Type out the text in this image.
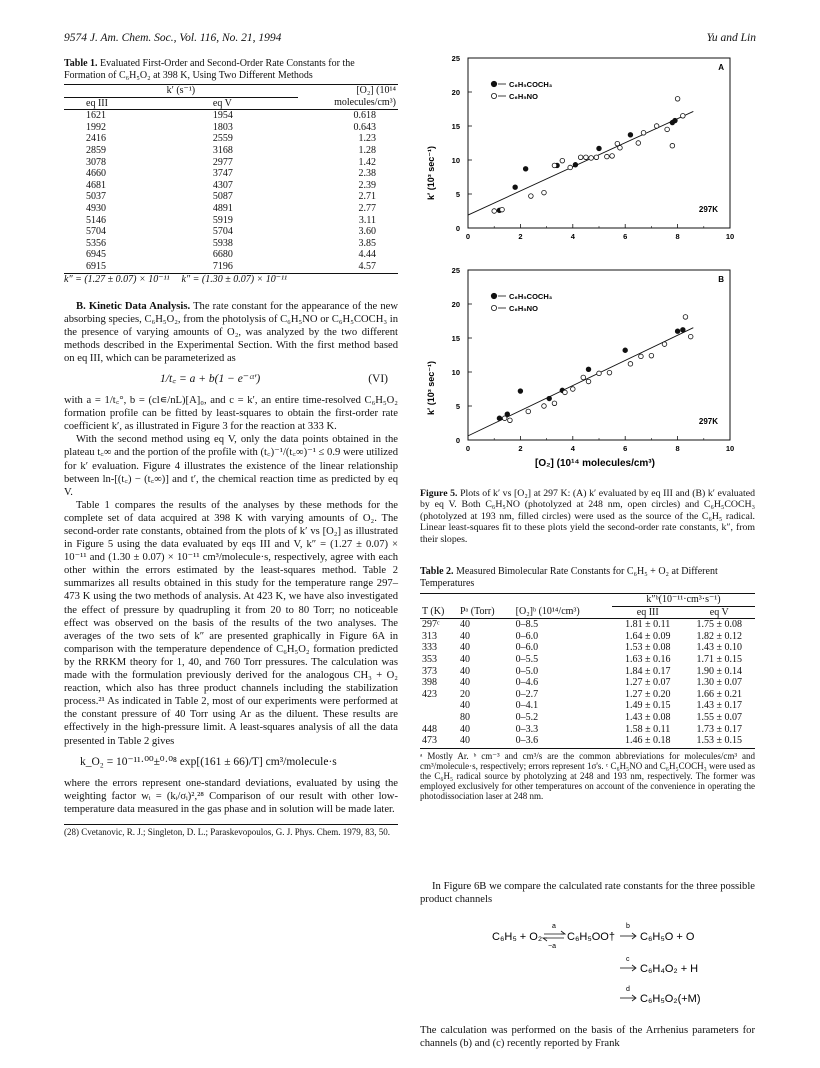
9574 J. Am. Chem. Soc., Vol. 116, No. 21, 1994	Yu and Lin
Table 1. Evaluated First-Order and Second-Order Rate Constants for the Formation of C₆H₅O₂ at 398 K, Using Two Different Methods
k′ (s⁻¹)		[O₂] (10¹⁴
eq III	eq V	molecules/cm³)
1621	1954	0.618
1992	1803	0.643
2416	2559	1.23
2859	3168	1.28
3078	2977	1.42
4660	3747	2.38
4681	4307	2.39
5037	5087	2.71
4930	4891	2.77
5146	5919	3.11
5704	5704	3.60
5356	5938	3.85
6945	6680	4.44
6915	7196	4.57
k″ = (1.27 ± 0.07) × 10⁻¹¹ k″ = (1.30 ± 0.07) × 10⁻¹¹

B. Kinetic Data Analysis. The rate constant for the appearance of the new absorbing species, C₆H₅O₂, from the photolysis of C₆H₅NO or C₆H₅COCH₃ in the presence of varying amounts of O₂, was analyzed by the two different methods described in the Experimental Section. With the first method based on eq III, which can be parameterized as

1/t꜀ = a + b(1 − e⁻ᶜᵗ′)	(VI)

with a = 1/t꜀°, b = (cl∊/nL)[A]₀, and c = k′, an entire time-resolved C₆H₅O₂ formation profile can be fitted by least-squares to obtain the first-order rate coefficient k′, as illustrated in Figure 3 for the reaction at 333 K.

With the second method using eq V, only the data points obtained in the plateau t꜀∞ and the portion of the profile with (t꜀)⁻¹/(t꜀∞)⁻¹ ≤ 0.9 were utilized for k′ evaluation. Figure 4 illustrates the existence of the linear relationship between ln-[(t꜀) − (t꜀∞)] and t′, the chemical reaction time as predicted by eq V.

Table 1 compares the results of the analyses by these methods for the complete set of data acquired at 398 K with varying amounts of O₂. The second-order rate constants, obtained from the plots of k′ vs [O₂] as illustrated in Figure 5 using the data evaluated by eqs III and V, k″ = (1.27 ± 0.07) × 10⁻¹¹ and (1.30 ± 0.07) × 10⁻¹¹ cm³/molecule·s, respectively, agree with each other within the errors estimated by the least-squares method. Table 2 summarizes all results obtained in this study for the temperature range 297–473 K using the two methods of analysis. At 423 K, we have also investigated the effect of pressure by quadrupling it from 20 to 80 Torr; no noticeable effect was observed on the basis of the results of the two analyses. The averages of the two sets of k″ are presented graphically in Figure 6A in comparison with the temperature dependence of C₆H₅O₂ formation predicted by the RRKM theory for 1, 40, and 760 Torr pressures. The calculation was made with the formulation previously derived for the analogous CH₃ + O₂ reaction, which also has three product channels including the stabilization process.²¹ As indicated in Table 2, most of our experiments were performed at the constant pressure of 40 Torr using Ar as the diluent. These results are effectively in the high-pressure limit. A least-squares analysis of all the data presented in Table 2 gives

k_O₂ = 10⁻¹¹·⁰⁰±⁰·⁰⁸ exp[(161 ± 66)/T] cm³/molecule·s

where the errors represent one-standard deviations, evaluated by using the weighting factor wᵢ = (kᵢ/σᵢ)²,²⁸ Comparison of our result with other low-temperature data measured in the gas phase and in solution will be made later.

(28) Cvetanovic, R. J.; Singleton, D. L.; Paraskevopoulos, G. J. Phys. Chem. 1979, 83, 50.
0
5
10
15
20
25
0	2	4	6	8	10
C₆H₅COCH₃
C₆H₅NO
A
297K
0
5
10
15
20
25
0	2	4	6	8	10
C₆H₅COCH₃
C₆H₅NO
B
297K
k′ (10³ sec⁻¹)
k′ (10³ sec⁻¹)
[O₂] (10¹⁴ molecules/cm³)
Figure 5. Plots of k′ vs [O₂] at 297 K: (A) k′ evaluated by eq III and (B) k′ evaluated by eq V. Both C₆H₅NO (photolyzed at 248 nm, open circles) and C₆H₅COCH₃ (photolyzed at 193 nm, filled circles) were used as the source of the C₆H₅ radical. Linear least-squares fit to these plots yield the second-order rate constants, k″, from their slopes.
Table 2. Measured Bimolecular Rate Constants for C₆H₅ + O₂ at Different Temperatures
			k″ᵇ(10⁻¹¹·cm³·s⁻¹)	
T (K)	Pᵃ (Torr)	[O₂]ᵇ (10¹⁴/cm³)	eq III	eq V
297ᶜ	40	0–8.5	1.81 ± 0.11	1.75 ± 0.08
313	40	0–6.0	1.64 ± 0.09	1.82 ± 0.12
333	40	0–6.0	1.53 ± 0.08	1.43 ± 0.10
353	40	0–5.5	1.63 ± 0.16	1.71 ± 0.15
373	40	0–5.0	1.84 ± 0.17	1.90 ± 0.14
398	40	0–4.6	1.27 ± 0.07	1.30 ± 0.07
423	20	0–2.7	1.27 ± 0.20	1.66 ± 0.21
	40	0–4.1	1.49 ± 0.15	1.43 ± 0.17
	80	0–5.2	1.43 ± 0.08	1.55 ± 0.07
448	40	0–3.3	1.58 ± 0.11	1.73 ± 0.17
473	40	0–3.6	1.46 ± 0.18	1.53 ± 0.15
ᵃ Mostly Ar. ᵇ cm⁻³ and cm³/s are the common abbreviations for molecules/cm³ and cm³/molecule·s, respectively; errors represent 1σ's. ᶜ C₆H₅NO and C₆H₅COCH₃ were used as the C₆H₅ radical source by photolyzing at 248 and 193 nm, respectively. The former was employed exclusively for other temperatures on account of the convenience in operating the photodissociation laser at 248 nm.

In Figure 6B we compare the calculated rate constants for the three possible product channels

C₆H₅ + O₂
a
−a
C₆H₅OO†
b
C₆H₅O + O
c
C₆H₄O₂ + H
d
C₆H₅O₂(+M)

The calculation was performed on the basis of the Arrhenius parameters for channels (b) and (c) recently reported by Frank
